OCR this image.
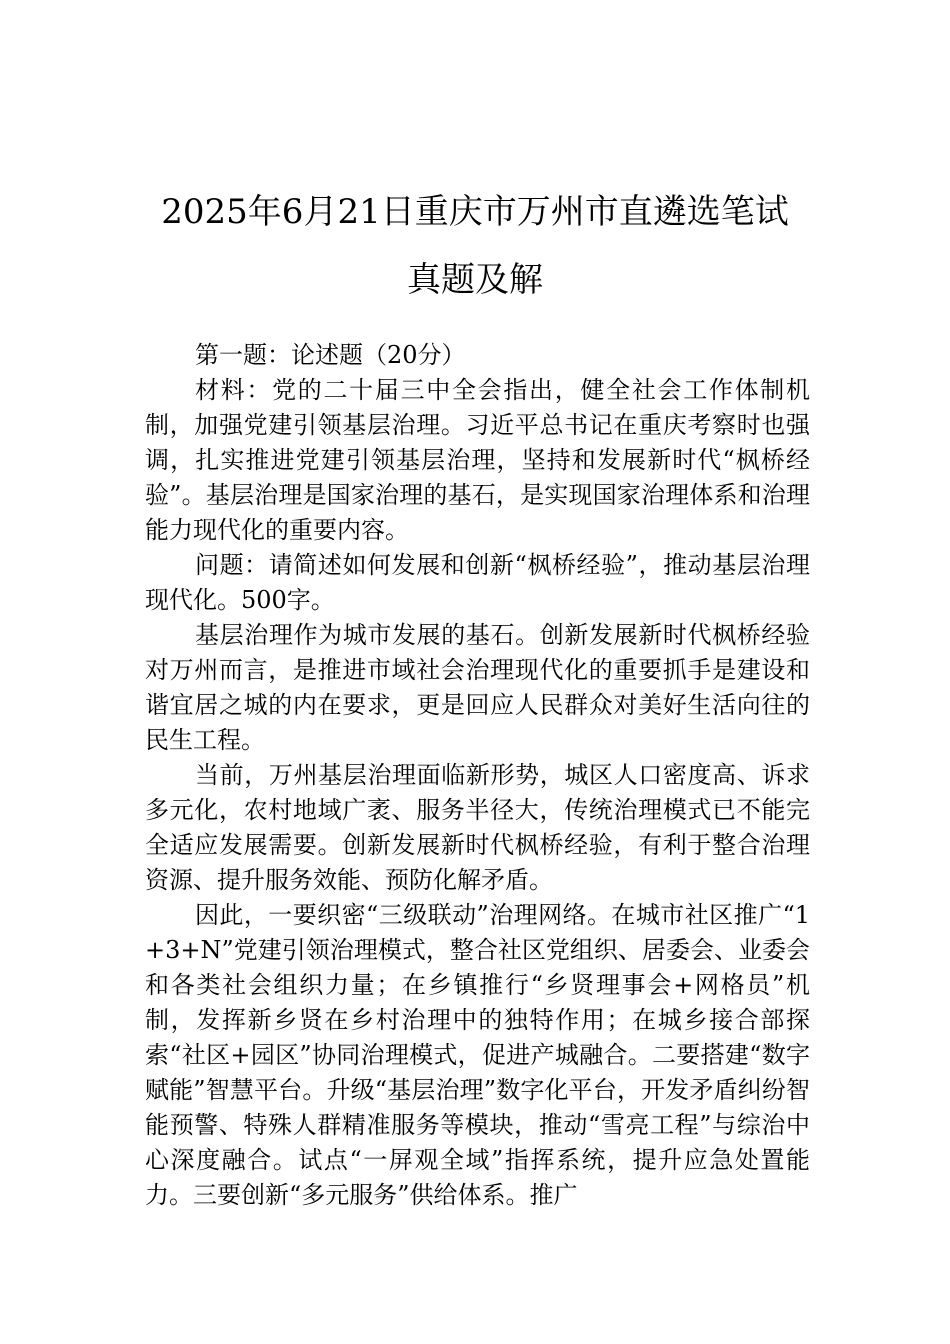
2025年6月21日重庆市万州市直遴选笔试
真题及解

第一题：论述题（20分）

材料：党的二十届三中全会指出，健全社会工作体制机制，加强党建引领基层治理。习近平总书记在重庆考察时也强调，扎实推进党建引领基层治理，坚持和发展新时代“枫桥经验”。基层治理是国家治理的基石，是实现国家治理体系和治理能力现代化的重要内容。

问题：请简述如何发展和创新“枫桥经验”，推动基层治理现代化。500字。

基层治理作为城市发展的基石。创新发展新时代枫桥经验对万州而言，是推进市域社会治理现代化的重要抓手是建设和谐宜居之城的内在要求，更是回应人民群众对美好生活向往的民生工程。

当前，万州基层治理面临新形势，城区人口密度高、诉求多元化，农村地域广袤、服务半径大，传统治理模式已不能完全适应发展需要。创新发展新时代枫桥经验，有利于整合治理资源、提升服务效能、预防化解矛盾。

因此，一要织密“三级联动”治理网络。在城市社区推广“1+3+N”党建引领治理模式，整合社区党组织、居委会、业委会和各类社会组织力量；在乡镇推行“乡贤理事会+网格员”机制，发挥新乡贤在乡村治理中的独特作用；在城乡接合部探索“社区+园区”协同治理模式，促进产城融合。二要搭建“数字赋能”智慧平台。升级“基层治理”数字化平台，开发矛盾纠纷智能预警、特殊人群精准服务等模块，推动“雪亮工程”与综治中心深度融合。试点“一屏观全域”指挥系统，提升应急处置能力。三要创新“多元服务”供给体系。推广
